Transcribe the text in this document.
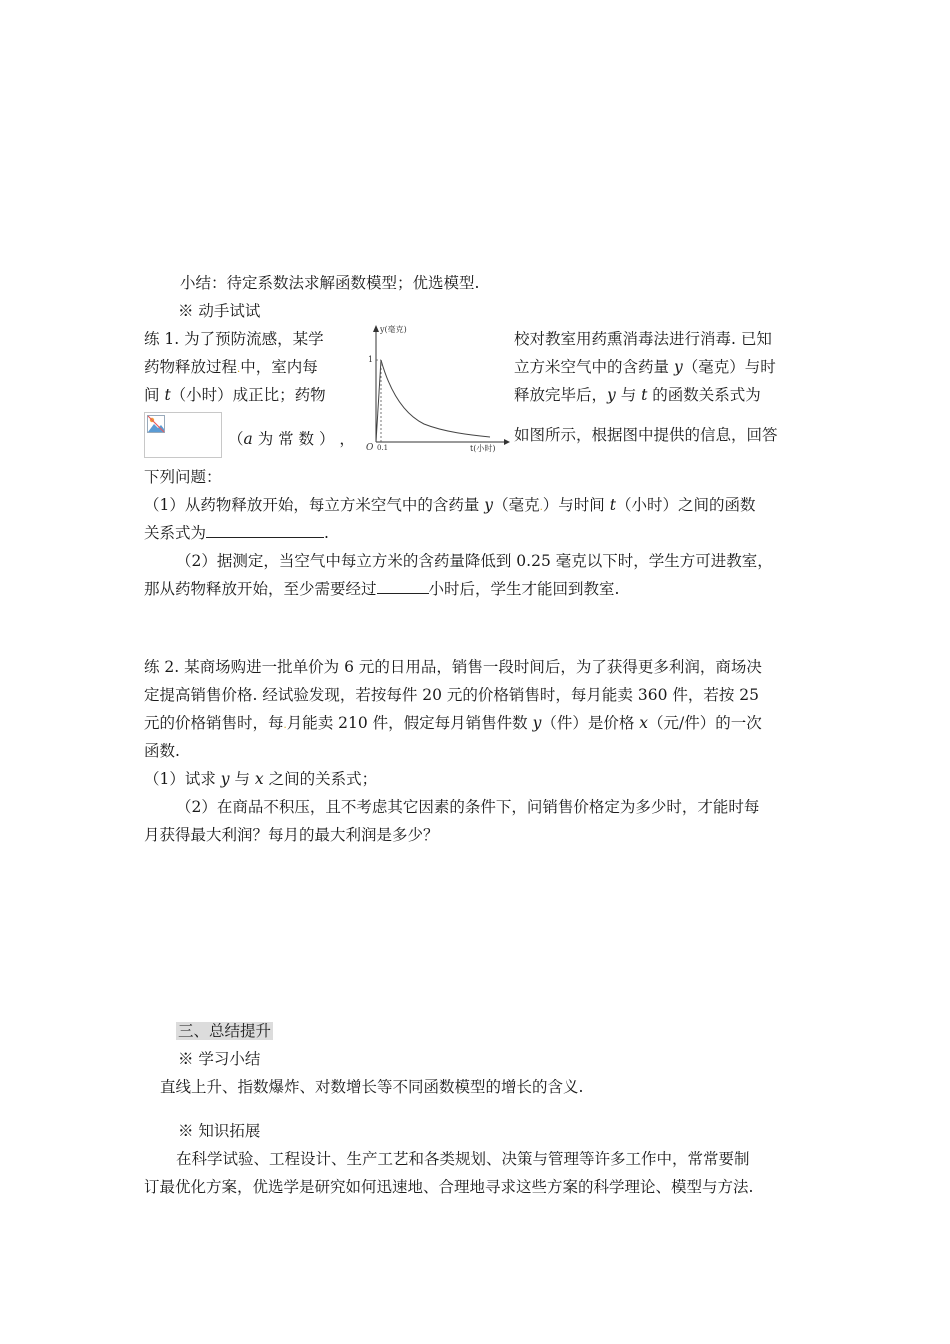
小结：待定系数法求解函数模型；优选模型.
※ 动手试试
练 1. 为了预防流感，某学
药物释放过程.中，室内每
间 t（小时）成正比；药物
（a 为 常 数 ） ，
y(毫克)
1
O 0.1	t(小时)
校对教室用药熏消毒法进行消毒. 已知
立方米空气中的含药量 y（毫克）与时
释放完毕后，y 与 t 的函数关系式为
如图所示，根据图中提供的信息，回答
下列问题：
（1）从药物释放开始，每立方米空气中的含药量 y（毫克.）与时间 t（小时）之间的函数
关系式为	.
（2）据测定，当空气中每立方米的含药量降低到 0.25 毫克以下时，学生方可进教室，
那从药物释放开始，至少需要经过	小时后，学生才能回到教室.
练 2. 某商场购进一批单价为 6 元的日用品，销售一段时间后，为了获得更多利润，商场决
定提高销售价格. 经试验发现，若按每件 20 元的价格销售时，每月能卖 360 件，若按 25
元的价格销售时，每.月能卖 210 件，假定每月销售件数 y（件）是价格 x（元/件）的一次
函数.
（1）试求 y 与 x 之间的关系式；
（2）在商品不积压，且不考虑其它因素的条件下，问销售价格定为多少时，才能时每
月获得最大利润？每月的最大利润是多少？
三、总结提升
※ 学习小结
直线上升、指数爆炸、对数增长等不同函数模型的增长的含义.
※ 知识拓展
在科学试验、工程设计、生产工艺和各类规划、决策与管理等许多工作中，常常要制
订最优化方案，优选学是研究如何迅速地、合理地寻求这些方案的科学理论、模型与方法.
